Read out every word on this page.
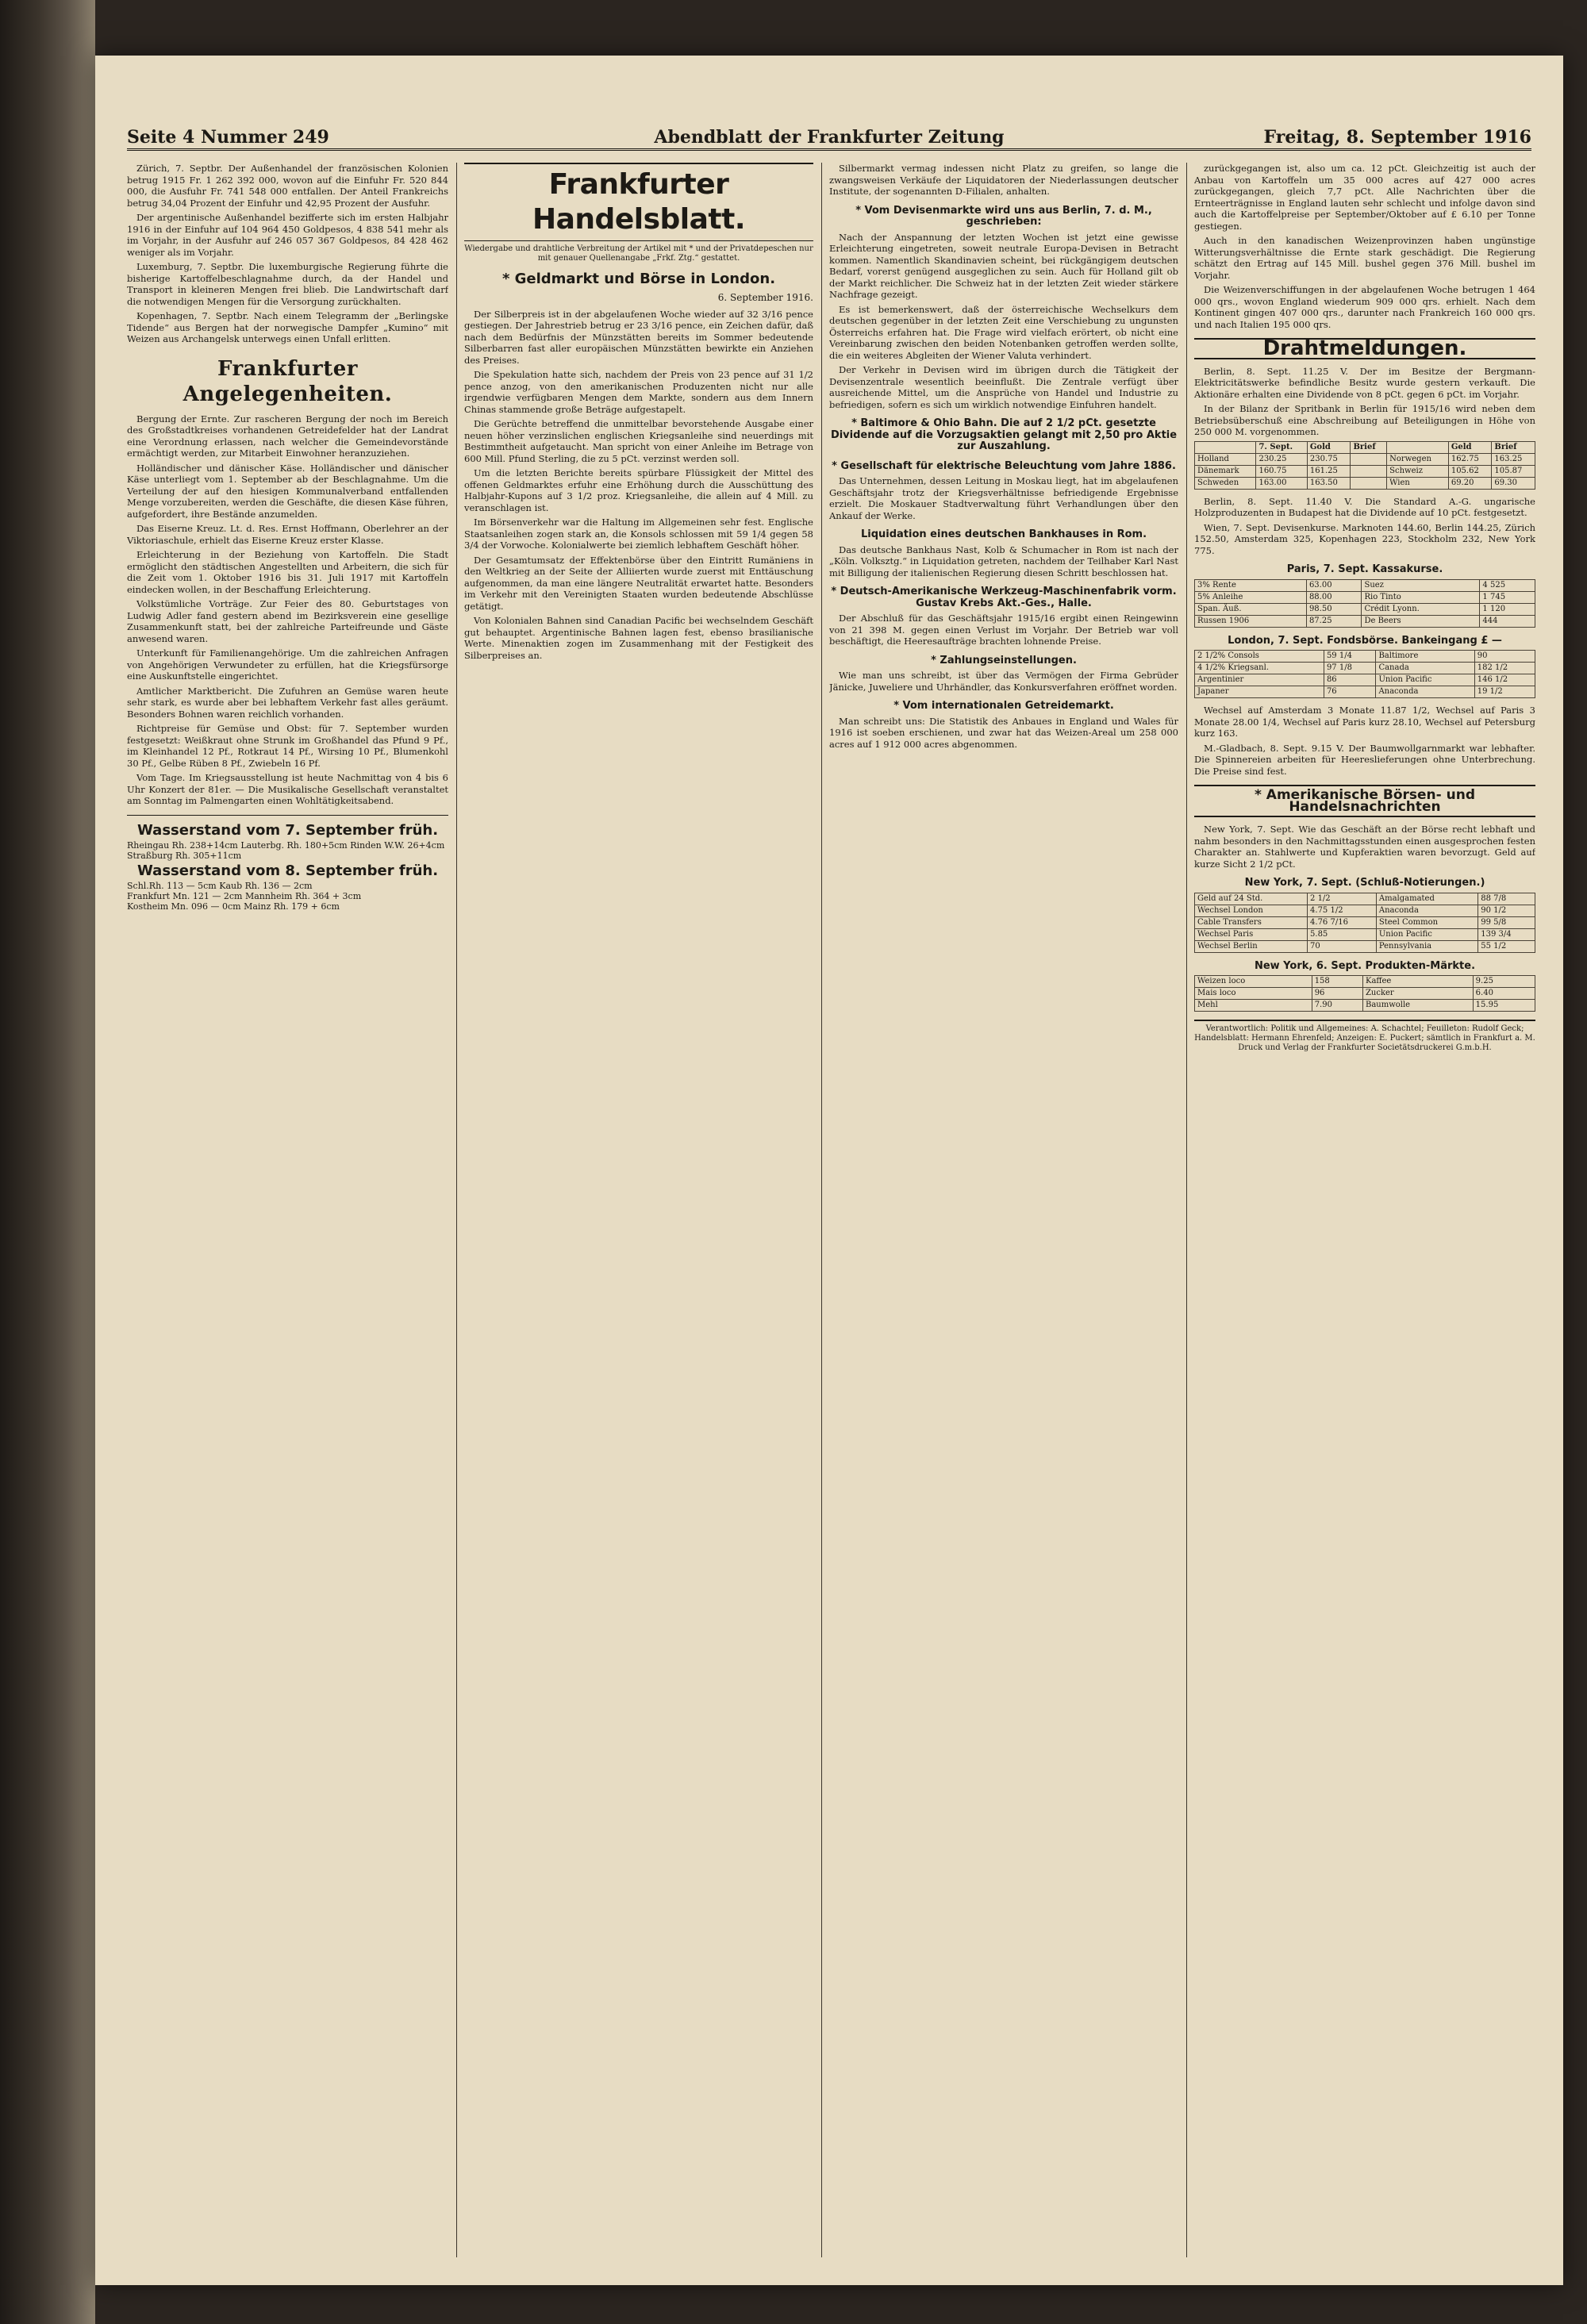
Seite 4 Nummer 249	Abendblatt der Frankfurter Zeitung	Freitag, 8. September 1916

Zürich, 7. Septbr. Der Außenhandel der französischen Kolonien betrug 1915 Fr. 1 262 392 000, wovon auf die Einfuhr Fr. 520 844 000, die Ausfuhr Fr. 741 548 000 entfallen. Der Anteil Frankreichs betrug 34,04 Prozent der Einfuhr und 42,95 Prozent der Ausfuhr.

Der argentinische Außenhandel bezifferte sich im ersten Halbjahr 1916 in der Einfuhr auf 104 964 450 Goldpesos, 4 838 541 mehr als im Vorjahr, in der Ausfuhr auf 246 057 367 Goldpesos, 84 428 462 weniger als im Vorjahr.

Luxemburg, 7. Septbr. Die luxemburgische Regierung führte die bisherige Kartoffelbeschlagnahme durch, da der Handel und Transport in kleineren Mengen frei blieb. Die Landwirtschaft darf die notwendigen Mengen für die Versorgung zurückhalten.

Kopenhagen, 7. Septbr. Nach einem Telegramm der „Berlingske Tidende“ aus Bergen hat der norwegische Dampfer „Kumino“ mit Weizen aus Archangelsk unterwegs einen Unfall erlitten.

Frankfurter Angelegenheiten.

Bergung der Ernte. Zur rascheren Bergung der noch im Bereich des Großstadtkreises vorhandenen Getreidefelder hat der Landrat eine Verordnung erlassen, nach welcher die Gemeindevorstände ermächtigt werden, zur Mitarbeit Einwohner heranzuziehen.

Holländischer und dänischer Käse. Holländischer und dänischer Käse unterliegt vom 1. September ab der Beschlagnahme. Um die Verteilung der auf den hiesigen Kommunalverband entfallenden Menge vorzubereiten, werden die Geschäfte, die diesen Käse führen, aufgefordert, ihre Bestände anzumelden.

Das Eiserne Kreuz. Lt. d. Res. Ernst Hoffmann, Oberlehrer an der Viktoriaschule, erhielt das Eiserne Kreuz erster Klasse.

Erleichterung in der Beziehung von Kartoffeln. Die Stadt ermöglicht den städtischen Angestellten und Arbeitern, die sich für die Zeit vom 1. Oktober 1916 bis 31. Juli 1917 mit Kartoffeln eindecken wollen, in der Beschaffung Erleichterung.

Volkstümliche Vorträge. Zur Feier des 80. Geburtstages von Ludwig Adler fand gestern abend im Bezirksverein eine gesellige Zusammenkunft statt, bei der zahlreiche Parteifreunde und Gäste anwesend waren.

Unterkunft für Familienangehörige. Um die zahlreichen Anfragen von Angehörigen Verwundeter zu erfüllen, hat die Kriegsfürsorge eine Auskunftstelle eingerichtet.

Amtlicher Marktbericht. Die Zufuhren an Gemüse waren heute sehr stark, es wurde aber bei lebhaftem Verkehr fast alles geräumt. Besonders Bohnen waren reichlich vorhanden.

Richtpreise für Gemüse und Obst: für 7. September wurden festgesetzt: Weißkraut ohne Strunk im Großhandel das Pfund 9 Pf., im Kleinhandel 12 Pf., Rotkraut 14 Pf., Wirsing 10 Pf., Blumenkohl 30 Pf., Gelbe Rüben 8 Pf., Zwiebeln 16 Pf.

Vom Tage. Im Kriegsausstellung ist heute Nachmittag von 4 bis 6 Uhr Konzert der 81er. — Die Musikalische Gesellschaft veranstaltet am Sonntag im Palmengarten einen Wohltätigkeitsabend.

Wasserstand vom 7. September früh.
Rheingau Rh. 238+14cm Lauterbg. Rh. 180+5cm Rinden W.W. 26+4cm
Straßburg Rh. 305+11cm
Wasserstand vom 8. September früh.
Schl.Rh. 113 — 5cm Kaub Rh. 136 — 2cm
Frankfurt Mn. 121 — 2cm Mannheim Rh. 364 + 3cm
Kostheim Mn. 096 — 0cm Mainz Rh. 179 + 6cm
Frankfurter Handelsblatt.
Wiedergabe und drahtliche Verbreitung der Artikel mit * und der Privatdepeschen nur mit genauer Quellenangabe „Frkf. Ztg.“ gestattet.
* Geldmarkt und Börse in London.
6. September 1916.

Der Silberpreis ist in der abgelaufenen Woche wieder auf 32 3/16 pence gestiegen. Der Jahrestrieb betrug er 23 3/16 pence, ein Zeichen dafür, daß nach dem Bedürfnis der Münzstätten bereits im Sommer bedeutende Silberbarren fast aller europäischen Münzstätten bewirkte ein Anziehen des Preises.

Die Spekulation hatte sich, nachdem der Preis von 23 pence auf 31 1/2 pence anzog, von den amerikanischen Produzenten nicht nur alle irgendwie verfügbaren Mengen dem Markte, sondern aus dem Innern Chinas stammende große Beträge aufgestapelt.

Die Gerüchte betreffend die unmittelbar bevorstehende Ausgabe einer neuen höher verzinslichen englischen Kriegsanleihe sind neuerdings mit Bestimmtheit aufgetaucht. Man spricht von einer Anleihe im Betrage von 600 Mill. Pfund Sterling, die zu 5 pCt. verzinst werden soll.

Um die letzten Berichte bereits spürbare Flüssigkeit der Mittel des offenen Geldmarktes erfuhr eine Erhöhung durch die Ausschüttung des Halbjahr-Kupons auf 3 1/2 proz. Kriegsanleihe, die allein auf 4 Mill. zu veranschlagen ist.

Im Börsenverkehr war die Haltung im Allgemeinen sehr fest. Englische Staatsanleihen zogen stark an, die Konsols schlossen mit 59 1/4 gegen 58 3/4 der Vorwoche. Kolonialwerte bei ziemlich lebhaftem Geschäft höher.

Der Gesamtumsatz der Effektenbörse über den Eintritt Rumäniens in den Weltkrieg an der Seite der Alliierten wurde zuerst mit Enttäuschung aufgenommen, da man eine längere Neutralität erwartet hatte. Besonders im Verkehr mit den Vereinigten Staaten wurden bedeutende Abschlüsse getätigt.

Von Kolonialen Bahnen sind Canadian Pacific bei wechselndem Geschäft gut behauptet. Argentinische Bahnen lagen fest, ebenso brasilianische Werte. Minenaktien zogen im Zusammenhang mit der Festigkeit des Silberpreises an.

Silbermarkt vermag indessen nicht Platz zu greifen, so lange die zwangsweisen Verkäufe der Liquidatoren der Niederlassungen deutscher Institute, der sogenannten D-Filialen, anhalten.

* Vom Devisenmarkte wird uns aus Berlin, 7. d. M., geschrieben:

Nach der Anspannung der letzten Wochen ist jetzt eine gewisse Erleichterung eingetreten, soweit neutrale Europa-Devisen in Betracht kommen. Namentlich Skandinavien scheint, bei rückgängigem deutschen Bedarf, vorerst genügend ausgeglichen zu sein. Auch für Holland gilt ob der Markt reichlicher. Die Schweiz hat in der letzten Zeit wieder stärkere Nachfrage gezeigt.

Es ist bemerkenswert, daß der österreichische Wechselkurs dem deutschen gegenüber in der letzten Zeit eine Verschiebung zu ungunsten Österreichs erfahren hat. Die Frage wird vielfach erörtert, ob nicht eine Vereinbarung zwischen den beiden Notenbanken getroffen werden sollte, die ein weiteres Abgleiten der Wiener Valuta verhindert.

Der Verkehr in Devisen wird im übrigen durch die Tätigkeit der Devisenzentrale wesentlich beeinflußt. Die Zentrale verfügt über ausreichende Mittel, um die Ansprüche von Handel und Industrie zu befriedigen, sofern es sich um wirklich notwendige Einfuhren handelt.

* Baltimore & Ohio Bahn. Die auf 2 1/2 pCt. gesetzte Dividende auf die Vorzugsaktien gelangt mit 2,50 pro Aktie zur Auszahlung.
* Gesellschaft für elektrische Beleuchtung vom Jahre 1886.

Das Unternehmen, dessen Leitung in Moskau liegt, hat im abgelaufenen Geschäftsjahr trotz der Kriegsverhältnisse befriedigende Ergebnisse erzielt. Die Moskauer Stadtverwaltung führt Verhandlungen über den Ankauf der Werke.

Liquidation eines deutschen Bankhauses in Rom.

Das deutsche Bankhaus Nast, Kolb & Schumacher in Rom ist nach der „Köln. Volksztg.“ in Liquidation getreten, nachdem der Teilhaber Karl Nast mit Billigung der italienischen Regierung diesen Schritt beschlossen hat.

* Deutsch-Amerikanische Werkzeug-Maschinenfabrik vorm. Gustav Krebs Akt.-Ges., Halle.

Der Abschluß für das Geschäftsjahr 1915/16 ergibt einen Reingewinn von 21 398 M. gegen einen Verlust im Vorjahr. Der Betrieb war voll beschäftigt, die Heeresaufträge brachten lohnende Preise.

* Zahlungseinstellungen.

Wie man uns schreibt, ist über das Vermögen der Firma Gebrüder Jänicke, Juweliere und Uhrhändler, das Konkursverfahren eröffnet worden.

* Vom internationalen Getreidemarkt.

Man schreibt uns: Die Statistik des Anbaues in England und Wales für 1916 ist soeben erschienen, und zwar hat das Weizen-Areal um 258 000 acres auf 1 912 000 acres abgenommen.

zurückgegangen ist, also um ca. 12 pCt. Gleichzeitig ist auch der Anbau von Kartoffeln um 35 000 acres auf 427 000 acres zurückgegangen, gleich 7,7 pCt. Alle Nachrichten über die Ernteerträgnisse in England lauten sehr schlecht und infolge davon sind auch die Kartoffelpreise per September/Oktober auf £ 6.10 per Tonne gestiegen.

Auch in den kanadischen Weizenprovinzen haben ungünstige Witterungsverhältnisse die Ernte stark geschädigt. Die Regierung schätzt den Ertrag auf 145 Mill. bushel gegen 376 Mill. bushel im Vorjahr.

Die Weizenverschiffungen in der abgelaufenen Woche betrugen 1 464 000 qrs., wovon England wiederum 909 000 qrs. erhielt. Nach dem Kontinent gingen 407 000 qrs., darunter nach Frankreich 160 000 qrs. und nach Italien 195 000 qrs.

Drahtmeldungen.

Berlin, 8. Sept. 11.25 V. Der im Besitze der Bergmann-Elektricitätswerke befindliche Besitz wurde gestern verkauft. Die Aktionäre erhalten eine Dividende von 8 pCt. gegen 6 pCt. im Vorjahr.

In der Bilanz der Spritbank in Berlin für 1915/16 wird neben dem Betriebsüberschuß eine Abschreibung auf Beteiligungen in Höhe von 250 000 M. vorgenommen.

	7. Sept.	Gold	Brief		Geld	Brief
Holland	230.25	230.75		Norwegen	162.75	163.25
Dänemark	160.75	161.25		Schweiz	105.62	105.87
Schweden	163.00	163.50		Wien	69.20	69.30

Berlin, 8. Sept. 11.40 V. Die Standard A.-G. ungarische Holzproduzenten in Budapest hat die Dividende auf 10 pCt. festgesetzt.

Wien, 7. Sept. Devisenkurse. Marknoten 144.60, Berlin 144.25, Zürich 152.50, Amsterdam 325, Kopenhagen 223, Stockholm 232, New York 775.

Paris, 7. Sept. Kassakurse.
3% Rente	63.00	Suez	4 525
5% Anleihe	88.00	Rio Tinto	1 745
Span. Äuß.	98.50	Crédit Lyonn.	1 120
Russen 1906	87.25	De Beers	444
London, 7. Sept. Fondsbörse. Bankeingang £ —
2 1/2% Consols	59 1/4	Baltimore	90
4 1/2% Kriegsanl.	97 1/8	Canada	182 1/2
Argentinier	86	Union Pacific	146 1/2
Japaner	76	Anaconda	19 1/2

Wechsel auf Amsterdam 3 Monate 11.87 1/2, Wechsel auf Paris 3 Monate 28.00 1/4, Wechsel auf Paris kurz 28.10, Wechsel auf Petersburg kurz 163.

M.-Gladbach, 8. Sept. 9.15 V. Der Baumwollgarnmarkt war lebhafter. Die Spinnereien arbeiten für Heereslieferungen ohne Unterbrechung. Die Preise sind fest.

* Amerikanische Börsen- und Handelsnachrichten

New York, 7. Sept. Wie das Geschäft an der Börse recht lebhaft und nahm besonders in den Nachmittagsstunden einen ausgesprochen festen Charakter an. Stahlwerte und Kupferaktien waren bevorzugt. Geld auf kurze Sicht 2 1/2 pCt.

New York, 7. Sept. (Schluß-Notierungen.)
Geld auf 24 Std.	2 1/2	Amalgamated	88 7/8
Wechsel London	4.75 1/2	Anaconda	90 1/2
Cable Transfers	4.76 7/16	Steel Common	99 5/8
Wechsel Paris	5.85	Union Pacific	139 3/4
Wechsel Berlin	70	Pennsylvania	55 1/2
New York, 6. Sept. Produkten-Märkte.
Weizen loco	158	Kaffee	9.25
Mais loco	96	Zucker	6.40
Mehl	7.90	Baumwolle	15.95
Verantwortlich: Politik und Allgemeines: A. Schachtel; Feuilleton: Rudolf Geck; Handelsblatt: Hermann Ehrenfeld; Anzeigen: E. Puckert; sämtlich in Frankfurt a. M. Druck und Verlag der Frankfurter Societätsdruckerei G.m.b.H.
